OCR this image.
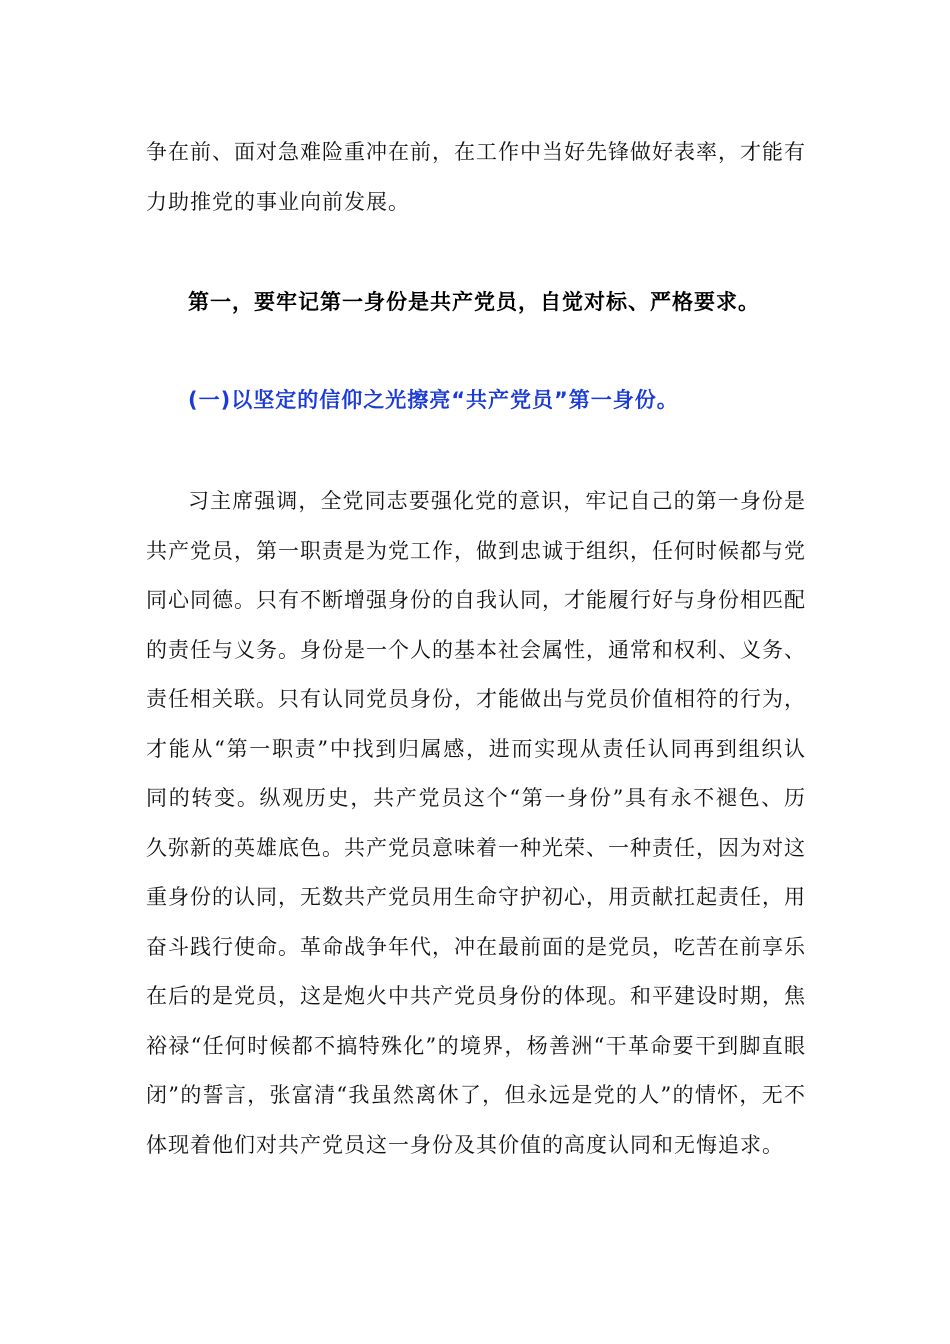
争在前、面对急难险重冲在前，在工作中当好先锋做好表率，才能有力助推党的事业向前发展。

第一，要牢记第一身份是共产党员，自觉对标、严格要求。

(一)以坚定的信仰之光擦亮“共产党员”第一身份。

习主席强调，全党同志要强化党的意识，牢记自己的第一身份是共产党员，第一职责是为党工作，做到忠诚于组织，任何时候都与党同心同德。只有不断增强身份的自我认同，才能履行好与身份相匹配的责任与义务。身份是一个人的基本社会属性，通常和权利、义务、责任相关联。只有认同党员身份，才能做出与党员价值相符的行为，才能从“第一职责”中找到归属感，进而实现从责任认同再到组织认同的转变。纵观历史，共产党员这个“第一身份”具有永不褪色、历久弥新的英雄底色。共产党员意味着一种光荣、一种责任，因为对这重身份的认同，无数共产党员用生命守护初心，用贡献扛起责任，用奋斗践行使命。革命战争年代，冲在最前面的是党员，吃苦在前享乐在后的是党员，这是炮火中共产党员身份的体现。和平建设时期，焦裕禄“任何时候都不搞特殊化”的境界，杨善洲“干革命要干到脚直眼闭”的誓言，张富清“我虽然离休了，但永远是党的人”的情怀，无不体现着他们对共产党员这一身份及其价值的高度认同和无悔追求。
